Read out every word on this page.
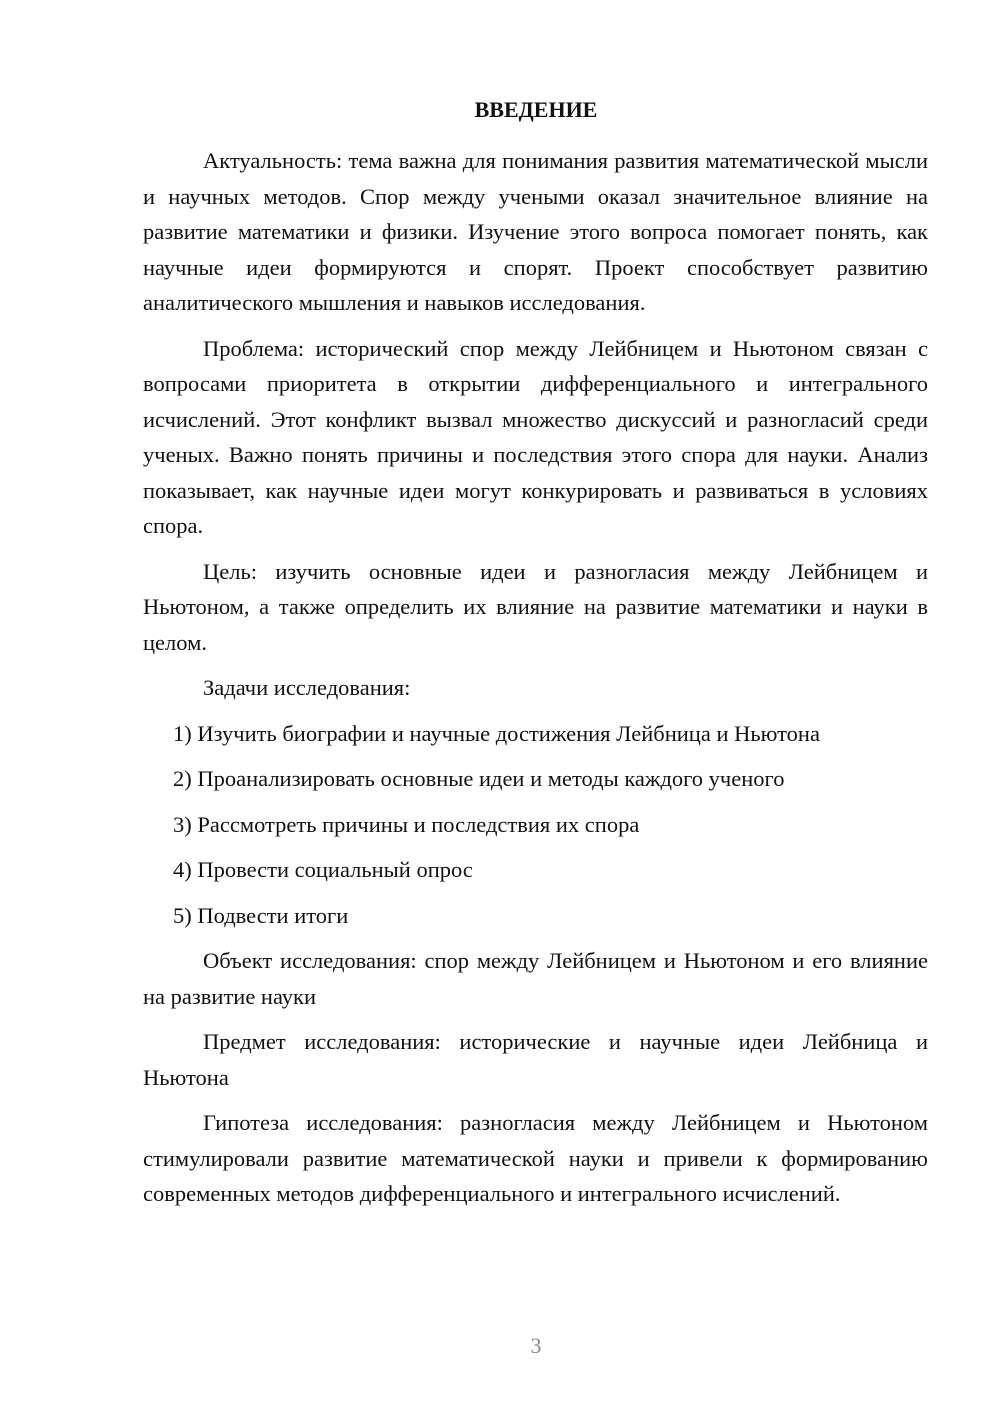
ВВЕДЕНИЕ

Актуальность: тема важна для понимания развития математической мысли и научных методов. Спор между учеными оказал значительное влияние на развитие математики и физики. Изучение этого вопроса помогает понять, как научные идеи формируются и спорят. Проект способствует развитию аналитического мышления и навыков исследования.

Проблема: исторический спор между Лейбницем и Ньютоном связан с вопросами приоритета в открытии дифференциального и интегрального исчислений. Этот конфликт вызвал множество дискуссий и разногласий среди ученых. Важно понять причины и последствия этого спора для науки. Анализ показывает, как научные идеи могут конкурировать и развиваться в условиях спора.

Цель: изучить основные идеи и разногласия между Лейбницем и Ньютоном, а также определить их влияние на развитие математики и науки в целом.

Задачи исследования:

1) Изучить биографии и научные достижения Лейбница и Ньютона
2) Проанализировать основные идеи и методы каждого ученого
3) Рассмотреть причины и последствия их спора
4) Провести социальный опрос
5) Подвести итоги

Объект исследования: спор между Лейбницем и Ньютоном и его влияние на развитие науки

Предмет исследования: исторические и научные идеи Лейбница и Ньютона

Гипотеза исследования: разногласия между Лейбницем и Ньютоном стимулировали развитие математической науки и привели к формированию современных методов дифференциального и интегрального исчислений.

3
